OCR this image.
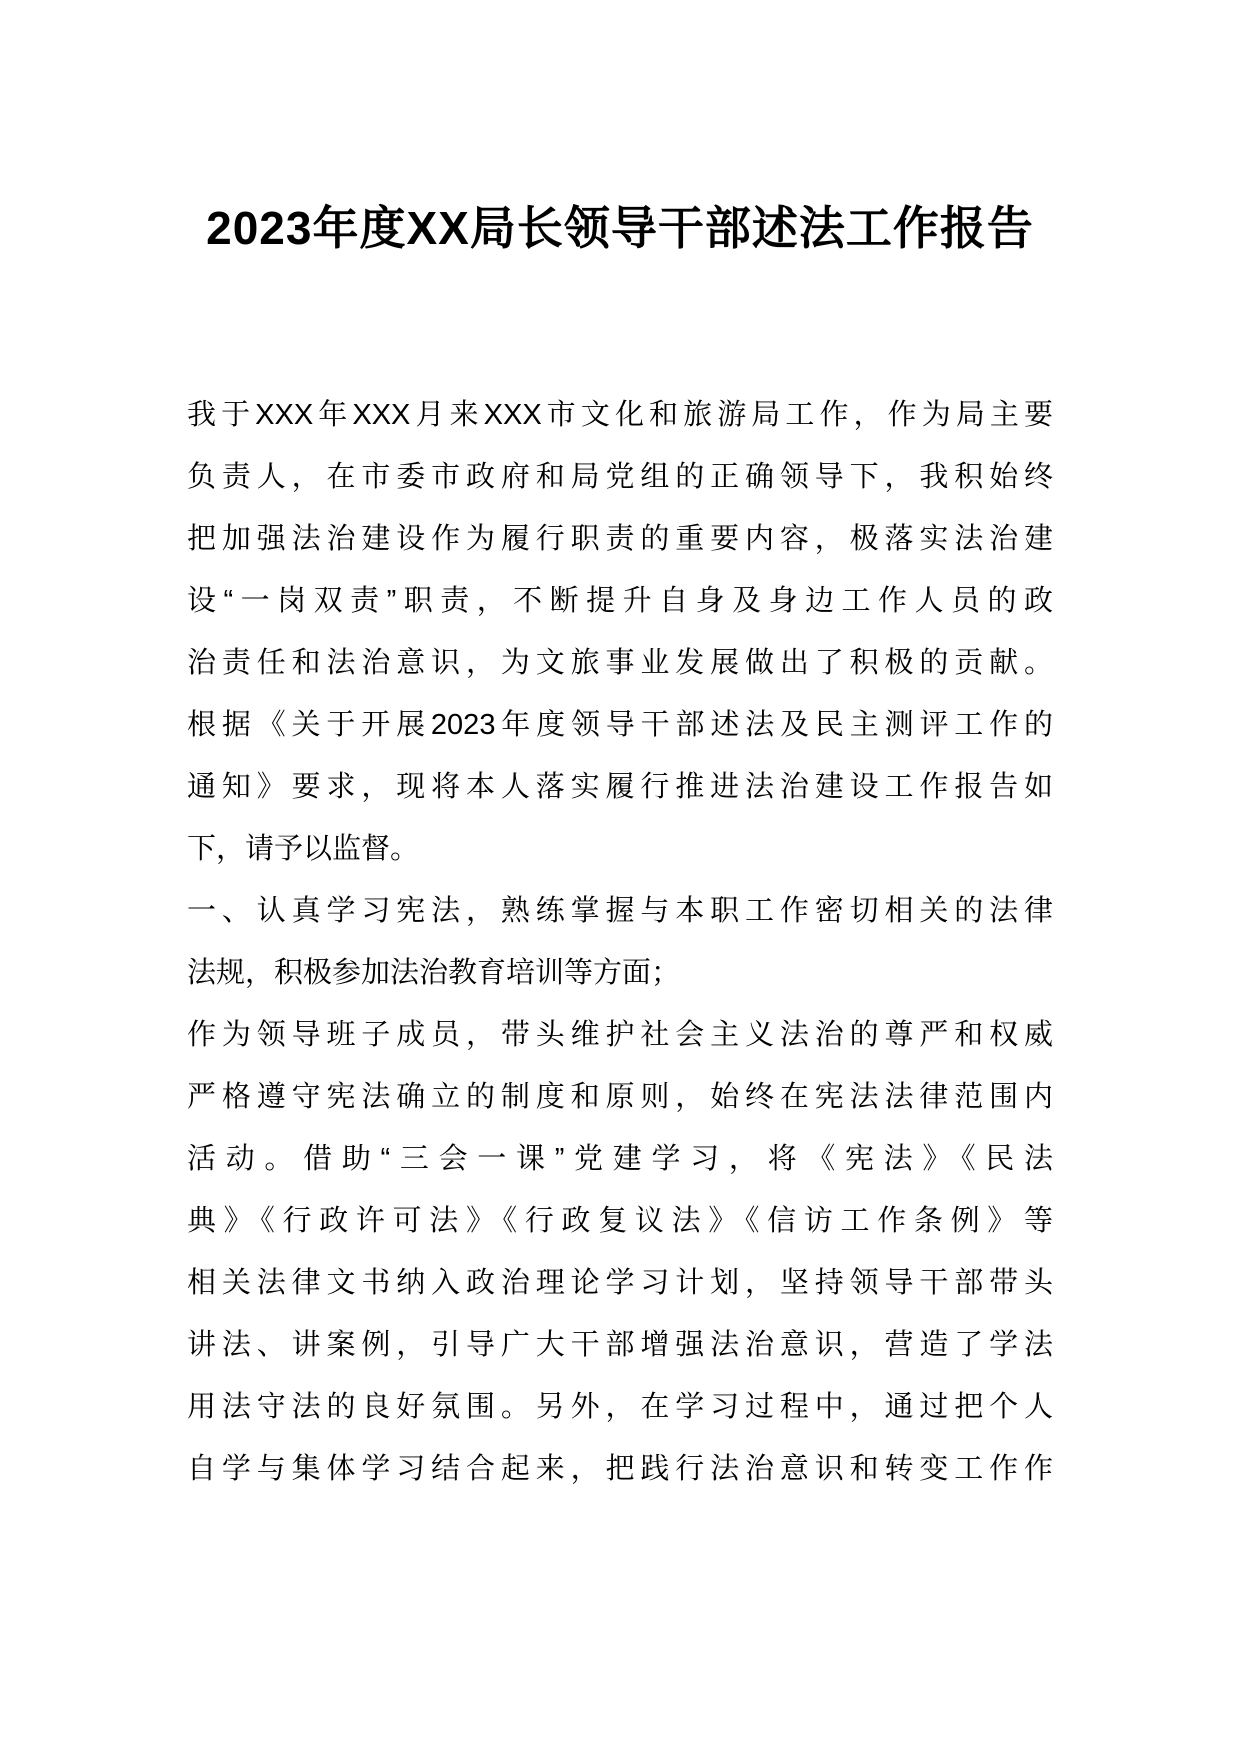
2023年度XX局长领导干部述法工作报告
我于XXX年XXX月来XXX市文化和旅游局工作，作为局主要
负责人，在市委市政府和局党组的正确领导下，我积始终
把加强法治建设作为履行职责的重要内容，极落实法治建
设“一岗双责”职责，不断提升自身及身边工作人员的政
治责任和法治意识，为文旅事业发展做出了积极的贡献。
根据《关于开展2023年度领导干部述法及民主测评工作的
通知》要求，现将本人落实履行推进法治建设工作报告如
下，请予以监督。
一、认真学习宪法，熟练掌握与本职工作密切相关的法律
法规，积极参加法治教育培训等方面；
作为领导班子成员，带头维护社会主义法治的尊严和权威
严格遵守宪法确立的制度和原则，始终在宪法法律范围内
活动。借助“三会一课”党建学习，将《宪法》《民法
典》《行政许可法》《行政复议法》《信访工作条例》等
相关法律文书纳入政治理论学习计划，坚持领导干部带头
讲法、讲案例，引导广大干部增强法治意识，营造了学法
用法守法的良好氛围。另外，在学习过程中，通过把个人
自学与集体学习结合起来，把践行法治意识和转变工作作
